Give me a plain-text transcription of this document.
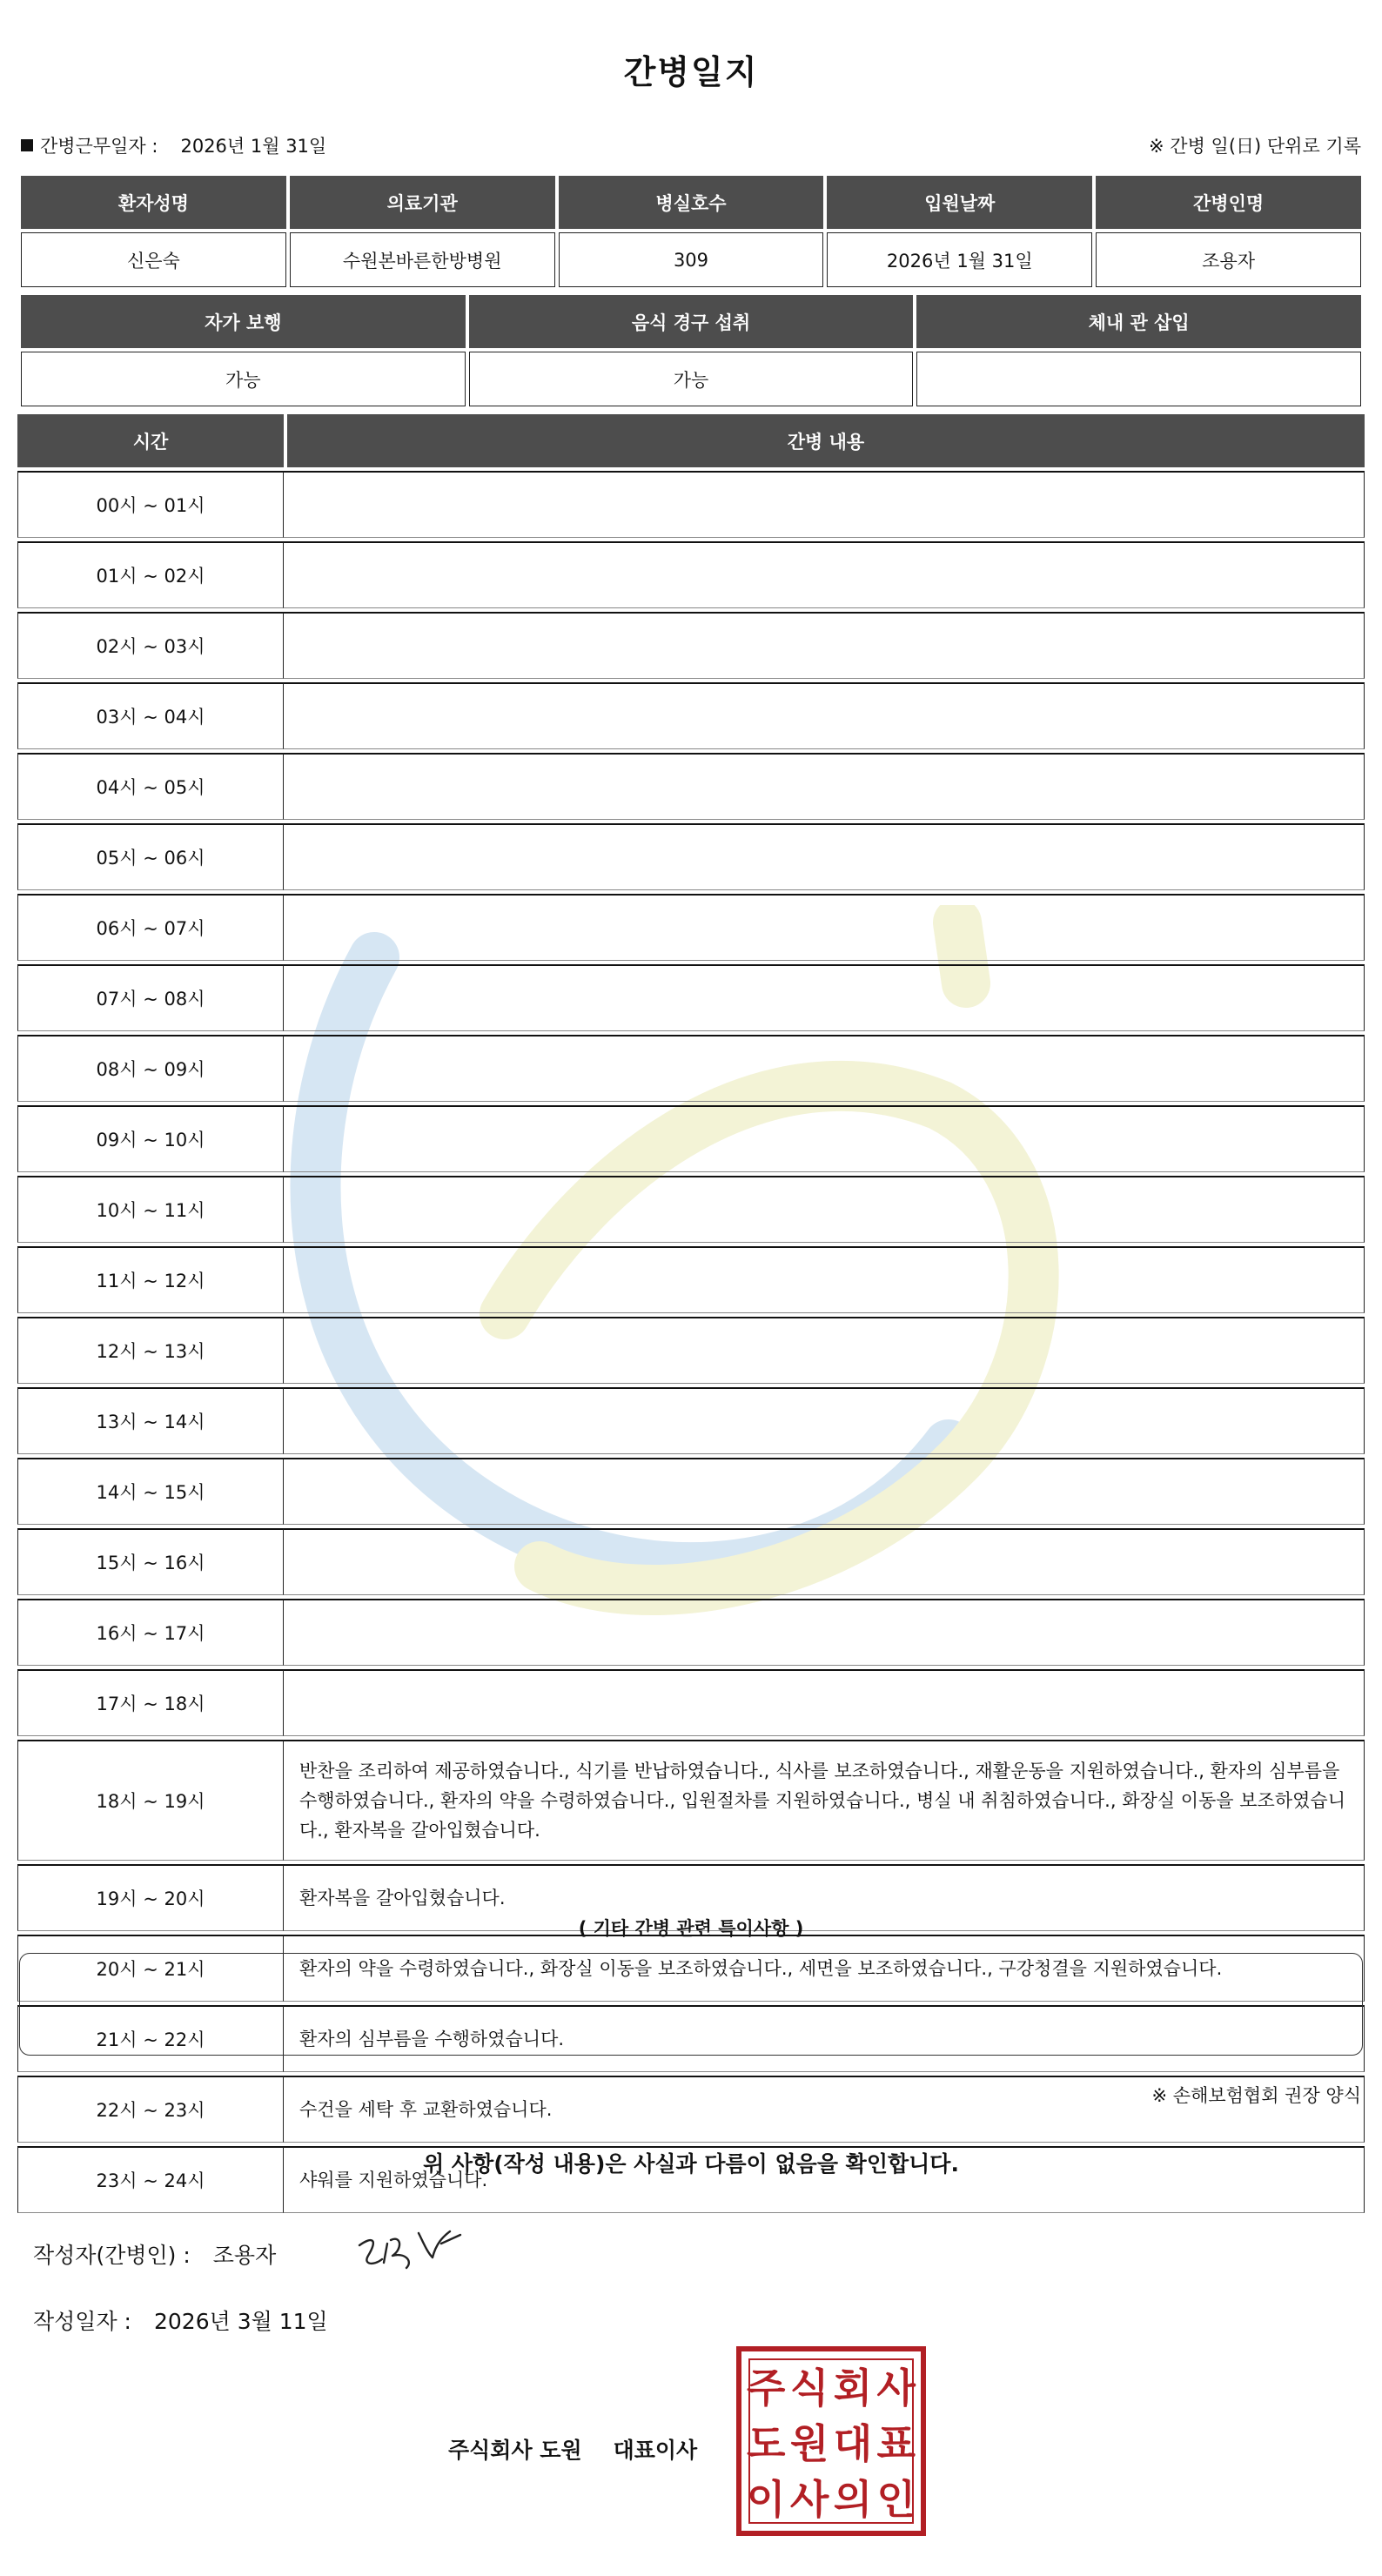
간병일지
간병근무일자 : 2026년 1월 31일	※ 간병 일(日) 단위로 기록
환자성명	의료기관	병실호수	입원날짜	간병인명
신은숙	수원본바른한방병원	309	2026년 1월 31일	조용자
자가 보행	음식 경구 섭취	체내 관 삽입
가능	가능	
시간	간병 내용
00시 ~ 01시	
01시 ~ 02시	
02시 ~ 03시	
03시 ~ 04시	
04시 ~ 05시	
05시 ~ 06시	
06시 ~ 07시	
07시 ~ 08시	
08시 ~ 09시	
09시 ~ 10시	
10시 ~ 11시	
11시 ~ 12시	
12시 ~ 13시	
13시 ~ 14시	
14시 ~ 15시	
15시 ~ 16시	
16시 ~ 17시	
17시 ~ 18시	
18시 ~ 19시	반찬을 조리하여 제공하였습니다., 식기를 반납하였습니다., 식사를 보조하였습니다., 재활운동을 지원하였습니다., 환자의 심부름을 수행하였습니다., 환자의 약을 수령하였습니다., 입원절차를 지원하였습니다., 병실 내 취침하였습니다., 화장실 이동을 보조하였습니다., 환자복을 갈아입혔습니다.
19시 ~ 20시	환자복을 갈아입혔습니다.
20시 ~ 21시	환자의 약을 수령하였습니다., 화장실 이동을 보조하였습니다., 세면을 보조하였습니다., 구강청결을 지원하였습니다.
21시 ~ 22시	환자의 심부름을 수행하였습니다.
22시 ~ 23시	수건을 세탁 후 교환하였습니다.
23시 ~ 24시	샤워를 지원하였습니다.
( 기타 간병 관련 특이사항 )
※ 손해보험협회 권장 양식
위 사항(작성 내용)은 사실과 다름이 없음을 확인합니다.
작성자(간병인) : 조용자
작성일자 : 2026년 3월 11일
주식회사 도원 대표이사
주 식 회 사
도 원 대 표
이 사 의 인
